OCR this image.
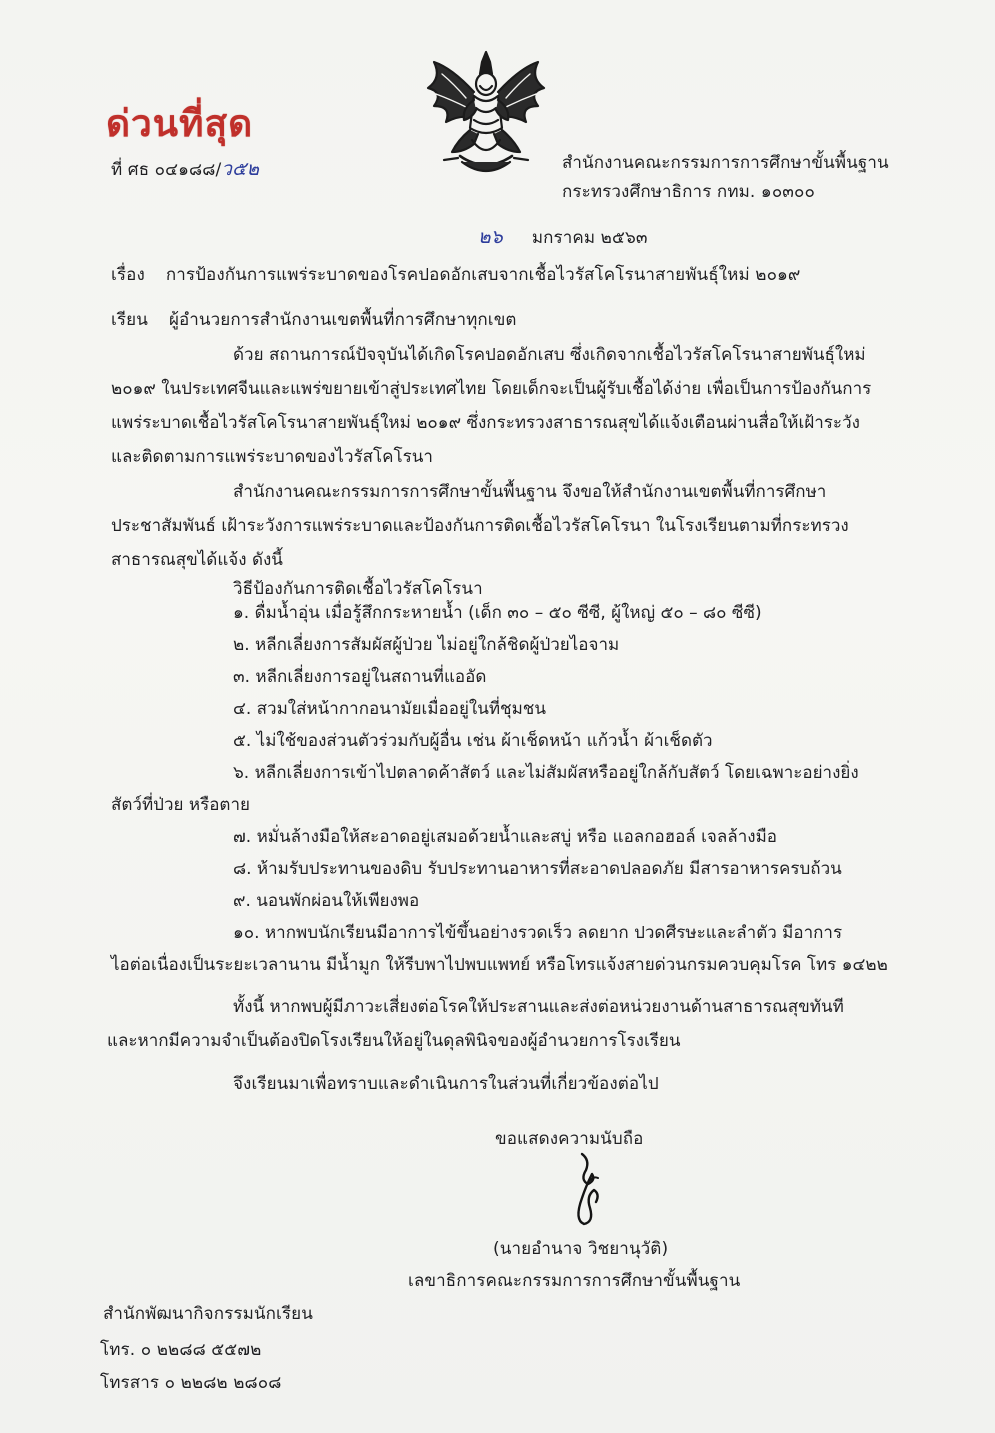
ด่วนที่สุด
ที่ ศธ ๐๔๑๘๘/ว๕๒	สำนักงานคณะกรรมการการศึกษาขั้นพื้นฐาน
กระทรวงศึกษาธิการ กทม. ๑๐๓๐๐
๒๖ มกราคม ๒๕๖๓
เรื่อง การป้องกันการแพร่ระบาดของโรคปอดอักเสบจากเชื้อไวรัสโคโรนาสายพันธุ์ใหม่ ๒๐๑๙
เรียน ผู้อำนวยการสำนักงานเขตพื้นที่การศึกษาทุกเขต
ด้วย สถานการณ์ปัจจุบันได้เกิดโรคปอดอักเสบ ซึ่งเกิดจากเชื้อไวรัสโคโรนาสายพันธุ์ใหม่
๒๐๑๙ ในประเทศจีนและแพร่ขยายเข้าสู่ประเทศไทย โดยเด็กจะเป็นผู้รับเชื้อได้ง่าย เพื่อเป็นการป้องกันการ
แพร่ระบาดเชื้อไวรัสโคโรนาสายพันธุ์ใหม่ ๒๐๑๙ ซึ่งกระทรวงสาธารณสุขได้แจ้งเตือนผ่านสื่อให้เฝ้าระวัง
และติดตามการแพร่ระบาดของไวรัสโคโรนา
สำนักงานคณะกรรมการการศึกษาขั้นพื้นฐาน จึงขอให้สำนักงานเขตพื้นที่การศึกษา
ประชาสัมพันธ์ เฝ้าระวังการแพร่ระบาดและป้องกันการติดเชื้อไวรัสโคโรนา ในโรงเรียนตามที่กระทรวง
สาธารณสุขได้แจ้ง ดังนี้
วิธีป้องกันการติดเชื้อไวรัสโคโรนา
๑. ดื่มน้ำอุ่น เมื่อรู้สึกกระหายน้ำ (เด็ก ๓๐ – ๕๐ ซีซี, ผู้ใหญ่ ๕๐ – ๘๐ ซีซี)
๒. หลีกเลี่ยงการสัมผัสผู้ป่วย ไม่อยู่ใกล้ชิดผู้ป่วยไอจาม
๓. หลีกเลี่ยงการอยู่ในสถานที่แออัด
๔. สวมใส่หน้ากากอนามัยเมื่ออยู่ในที่ชุมชน
๕. ไม่ใช้ของส่วนตัวร่วมกับผู้อื่น เช่น ผ้าเช็ดหน้า แก้วน้ำ ผ้าเช็ดตัว
๖. หลีกเลี่ยงการเข้าไปตลาดค้าสัตว์ และไม่สัมผัสหรืออยู่ใกล้กับสัตว์ โดยเฉพาะอย่างยิ่ง
สัตว์ที่ป่วย หรือตาย
๗. หมั่นล้างมือให้สะอาดอยู่เสมอด้วยน้ำและสบู่ หรือ แอลกอฮอล์ เจลล้างมือ
๘. ห้ามรับประทานของดิบ รับประทานอาหารที่สะอาดปลอดภัย มีสารอาหารครบถ้วน
๙. นอนพักผ่อนให้เพียงพอ
๑๐. หากพบนักเรียนมีอาการไข้ขึ้นอย่างรวดเร็ว ลดยาก ปวดศีรษะและลำตัว มีอาการ
ไอต่อเนื่องเป็นระยะเวลานาน มีน้ำมูก ให้รีบพาไปพบแพทย์ หรือโทรแจ้งสายด่วนกรมควบคุมโรค โทร ๑๔๒๒
ทั้งนี้ หากพบผู้มีภาวะเสี่ยงต่อโรคให้ประสานและส่งต่อหน่วยงานด้านสาธารณสุขทันที
และหากมีความจำเป็นต้องปิดโรงเรียนให้อยู่ในดุลพินิจของผู้อำนวยการโรงเรียน
จึงเรียนมาเพื่อทราบและดำเนินการในส่วนที่เกี่ยวข้องต่อไป
ขอแสดงความนับถือ
(นายอำนาจ วิชยานุวัติ)
เลขาธิการคณะกรรมการการศึกษาขั้นพื้นฐาน
สำนักพัฒนากิจกรรมนักเรียน
โทร. ๐ ๒๒๘๘ ๕๕๗๒
โทรสาร ๐ ๒๒๘๒ ๒๘๐๘
